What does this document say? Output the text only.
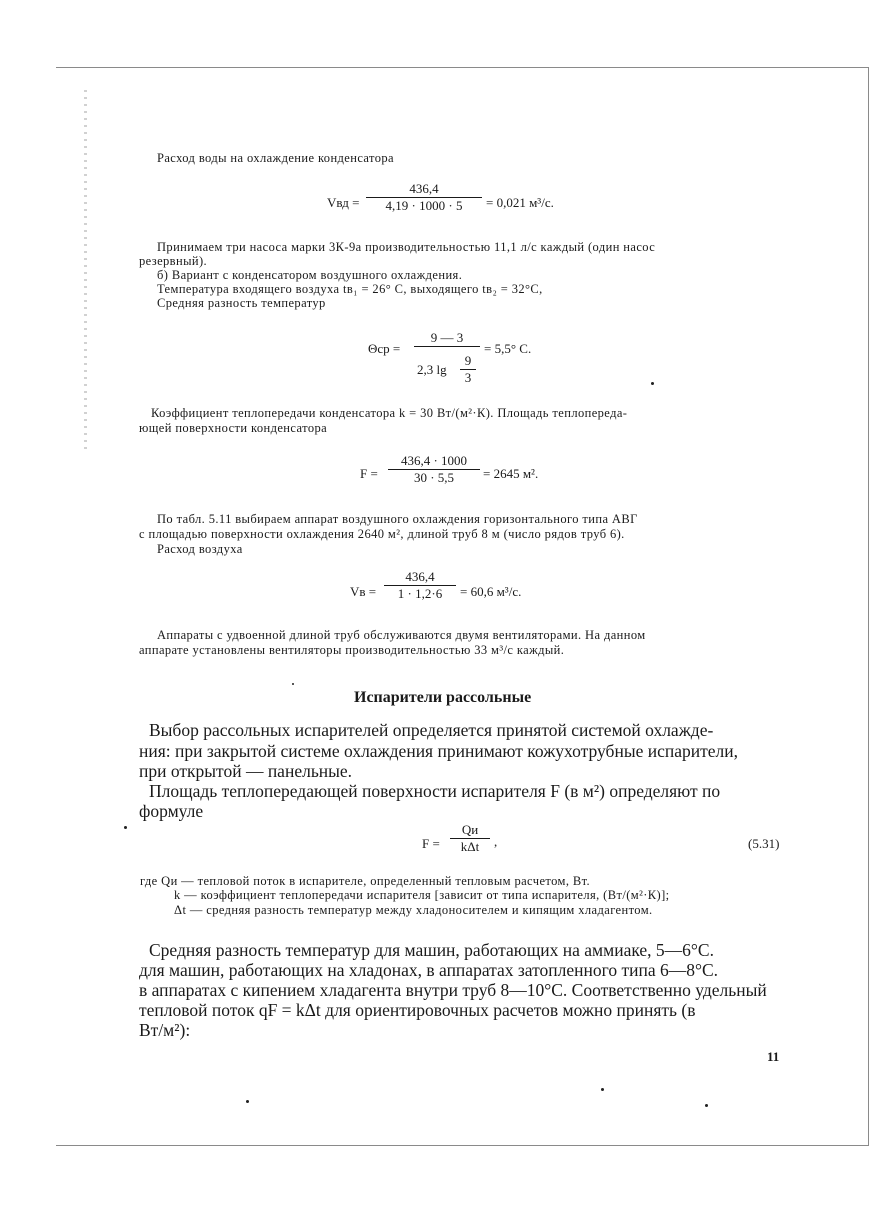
Расход воды на охлаждение конденсатора
Vвд =
436,4
4,19 · 1000 · 5	= 0,021 м³/с.
Принимаем три насоса марки 3К-9а производительностью 11,1 л/с каждый (один насос
резервный).
б) Вариант с конденсатором воздушного охлаждения.
Температура входящего воздуха tв₁ = 26° С, выходящего tв₂ = 32°С,
Средняя разность температур
Θср =
9 — 3
2,3 lg
9
3
= 5,5° С.
Коэффициент теплопередачи конденсатора k = 30 Вт/(м²·К). Площадь теплопереда-
ющей поверхности конденсатора
F =
436,4 · 1000
30 · 5,5	= 2645 м².
По табл. 5.11 выбираем аппарат воздушного охлаждения горизонтального типа АВГ
с площадью поверхности охлаждения 2640 м², длиной труб 8 м (число рядов труб 6).
Расход воздуха
Vв =
436,4
1 · 1,2·6	= 60,6 м³/с.
Аппараты с удвоенной длиной труб обслуживаются двумя вентиляторами. На данном
аппарате установлены вентиляторы производительностью 33 м³/с каждый.
Испарители рассольные
Выбор рассольных испарителей определяется принятой системой охлажде-
ния: при закрытой системе охлаждения принимают кожухотрубные испарители,
при открытой — панельные.
Площадь теплопередающей поверхности испарителя F (в м²) определяют по
формуле
F =
Qи
kΔt	,	(5.31)
где Qи — тепловой поток в испарителе, определенный тепловым расчетом, Вт.
k — коэффициент теплопередачи испарителя [зависит от типа испарителя, (Вт/(м²·К)];
Δt — средняя разность температур между хладоносителем и кипящим хладагентом.
Средняя разность температур для машин, работающих на аммиаке, 5—6°С.
для машин, работающих на хладонах, в аппаратах затопленного типа 6—8°С.
в аппаратах с кипением хладагента внутри труб 8—10°С. Соответственно удельный
тепловой поток qF = kΔt для ориентировочных расчетов можно принять (в
Вт/м²):
11
